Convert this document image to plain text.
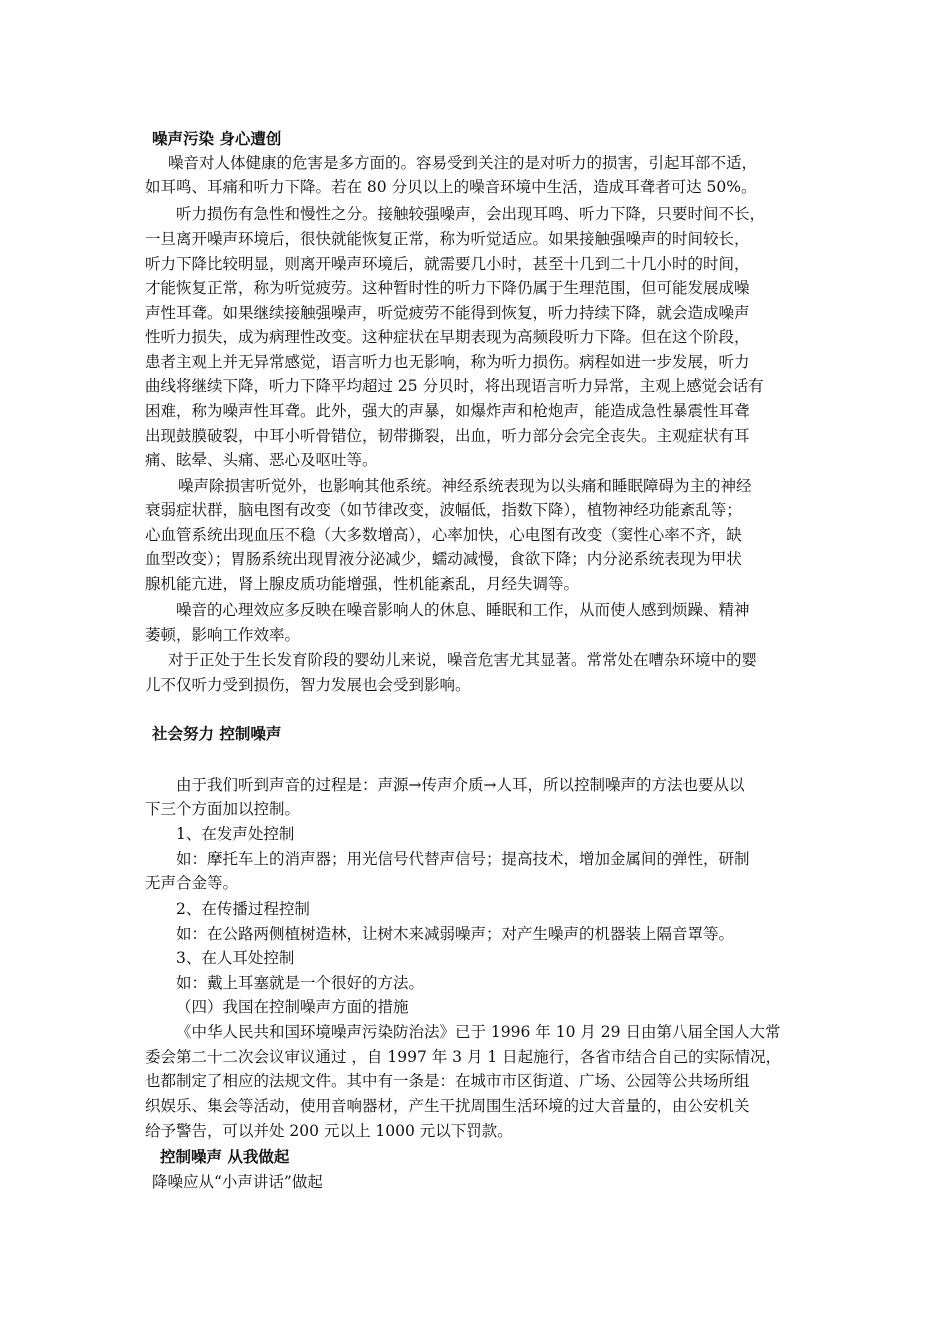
噪声污染 身心遭创
噪音对人体健康的危害是多方面的。容易受到关注的是对听力的损害，引起耳部不适，
如耳鸣、耳痛和听力下降。若在 80 分贝以上的噪音环境中生活，造成耳聋者可达 50%。
听力损伤有急性和慢性之分。接触较强噪声，会出现耳鸣、听力下降，只要时间不长，
一旦离开噪声环境后，很快就能恢复正常，称为听觉适应。如果接触强噪声的时间较长，
听力下降比较明显，则离开噪声环境后，就需要几小时，甚至十几到二十几小时的时间，
才能恢复正常，称为听觉疲劳。这种暂时性的听力下降仍属于生理范围，但可能发展成噪
声性耳聋。如果继续接触强噪声，听觉疲劳不能得到恢复，听力持续下降，就会造成噪声
性听力损失，成为病理性改变。这种症状在早期表现为高频段听力下降。但在这个阶段，
患者主观上并无异常感觉，语言听力也无影响，称为听力损伤。病程如进一步发展，听力
曲线将继续下降，听力下降平均超过 25 分贝时，将出现语言听力异常，主观上感觉会话有
困难，称为噪声性耳聋。此外，强大的声暴，如爆炸声和枪炮声，能造成急性暴震性耳聋
出现鼓膜破裂，中耳小听骨错位，韧带撕裂，出血，听力部分会完全丧失。主观症状有耳
痛、眩晕、头痛、恶心及呕吐等。
噪声除损害听觉外，也影响其他系统。神经系统表现为以头痛和睡眠障碍为主的神经
衰弱症状群，脑电图有改变（如节律改变，波幅低，指数下降），植物神经功能紊乱等；
心血管系统出现血压不稳（大多数增高），心率加快，心电图有改变（窦性心率不齐，缺
血型改变）；胃肠系统出现胃液分泌减少，蠕动减慢，食欲下降；内分泌系统表现为甲状
腺机能亢进，肾上腺皮质功能增强，性机能紊乱，月经失调等。
噪音的心理效应多反映在噪音影响人的休息、睡眠和工作，从而使人感到烦躁、精神
萎顿，影响工作效率。
对于正处于生长发育阶段的婴幼儿来说，噪音危害尤其显著。常常处在嘈杂环境中的婴
儿不仅听力受到损伤，智力发展也会受到影响。
社会努力 控制噪声
由于我们听到声音的过程是：声源→传声介质→人耳，所以控制噪声的方法也要从以
下三个方面加以控制。
1、在发声处控制
如：摩托车上的消声器；用光信号代替声信号；提高技术，增加金属间的弹性，研制
无声合金等。
2、在传播过程控制
如：在公路两侧植树造林，让树木来减弱噪声；对产生噪声的机器装上隔音罩等。
3、在人耳处控制
如：戴上耳塞就是一个很好的方法。
（四）我国在控制噪声方面的措施
《中华人民共和国环境噪声污染防治法》已于 1996 年 10 月 29 日由第八届全国人大常
委会第二十二次会议审议通过 ，自 1997 年 3 月 1 日起施行，各省市结合自己的实际情况，
也都制定了相应的法规文件。其中有一条是：在城市市区街道、广场、公园等公共场所组
织娱乐、集会等活动，使用音响器材，产生干扰周围生活环境的过大音量的，由公安机关
给予警告，可以并处 200 元以上 1000 元以下罚款。
控制噪声 从我做起
降噪应从“小声讲话”做起
